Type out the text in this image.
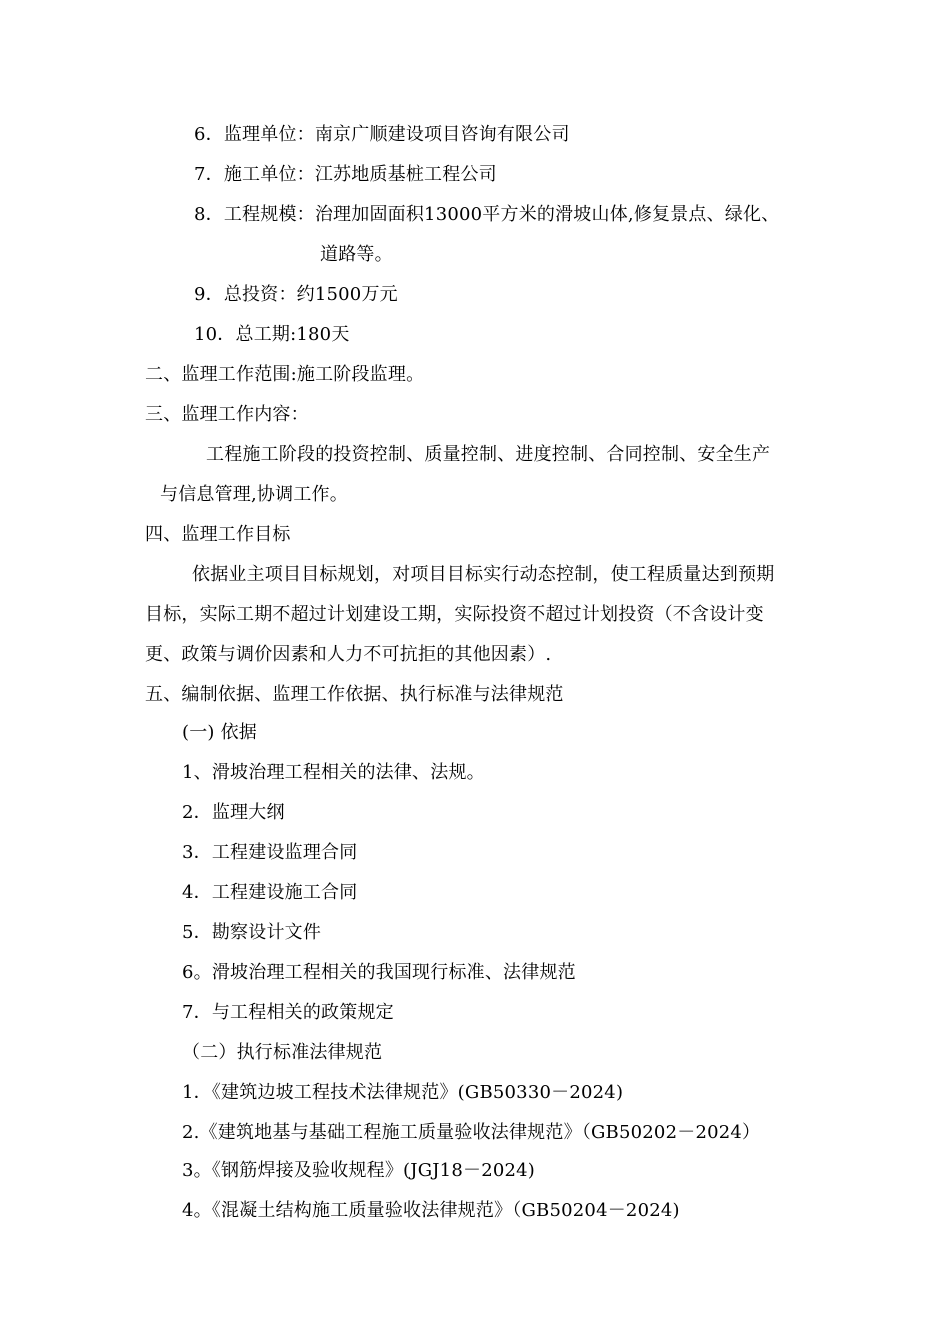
6．监理单位：南京广顺建设项目咨询有限公司
7．施工单位：江苏地质基桩工程公司
8．工程规模：治理加固面积13000平方米的滑坡山体,修复景点、绿化、
道路等。
9．总投资：约1500万元
10．总工期:180天
二、监理工作范围:施工阶段监理。
三、监理工作内容：
工程施工阶段的投资控制、质量控制、进度控制、合同控制、安全生产
与信息管理,协调工作。
四、监理工作目标
依据业主项目目标规划，对项目目标实行动态控制，使工程质量达到预期
目标，实际工期不超过计划建设工期，实际投资不超过计划投资（不含设计变
更、政策与调价因素和人力不可抗拒的其他因素）.
五、编制依据、监理工作依据、执行标准与法律规范
(一) 依据
1、滑坡治理工程相关的法律、法规。
2．监理大纲
3．工程建设监理合同
4．工程建设施工合同
5．勘察设计文件
6。滑坡治理工程相关的我国现行标准、法律规范
7．与工程相关的政策规定
（二）执行标准法律规范
1．《建筑边坡工程技术法律规范》(GB50330－2024)
2.《建筑地基与基础工程施工质量验收法律规范》（GB50202－2024）
3。《钢筋焊接及验收规程》(JGJ18－2024)
4。《混凝土结构施工质量验收法律规范》（GB50204－2024)
